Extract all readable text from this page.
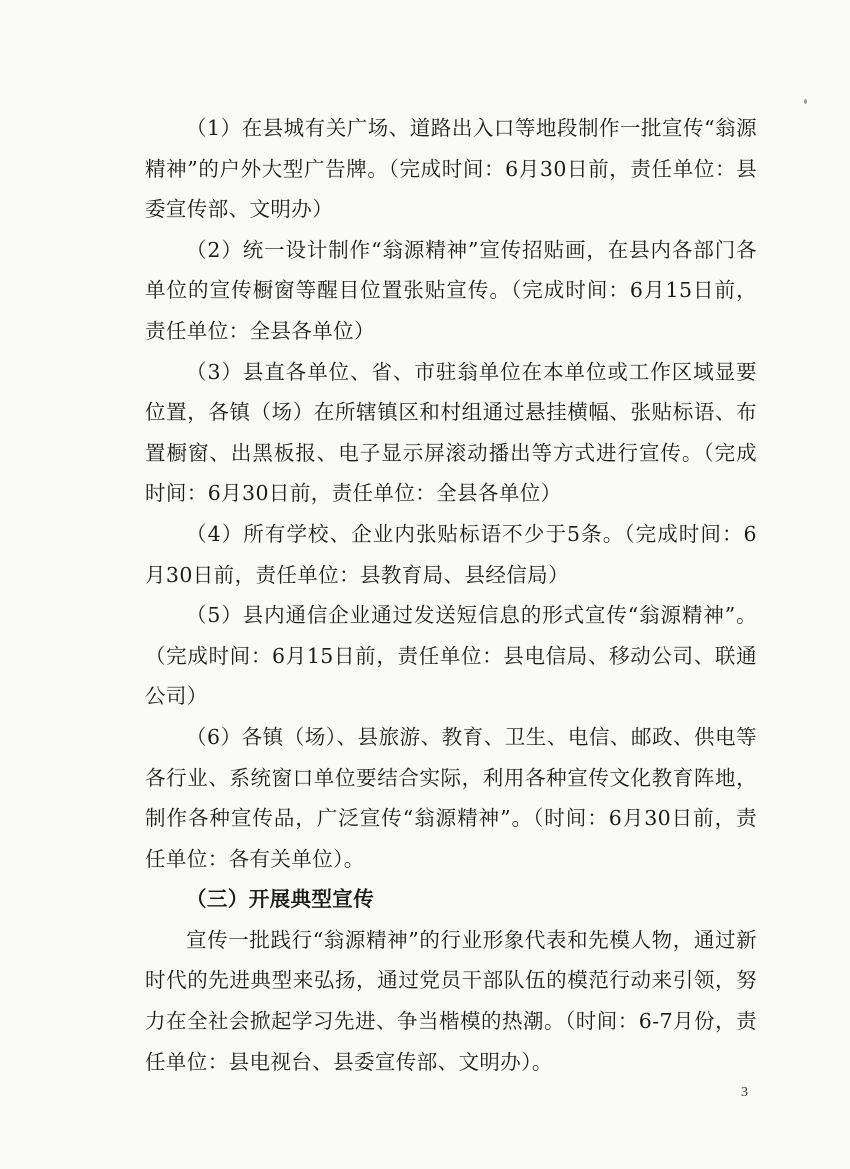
（1）在县城有关广场、道路出入口等地段制作一批宣传“翁源精神”的户外大型广告牌。（完成时间：6月30日前，责任单位：县委宣传部、文明办）

（2）统一设计制作“翁源精神”宣传招贴画，在县内各部门各单位的宣传橱窗等醒目位置张贴宣传。（完成时间：6月15日前，责任单位：全县各单位）

（3）县直各单位、省、市驻翁单位在本单位或工作区域显要位置，各镇（场）在所辖镇区和村组通过悬挂横幅、张贴标语、布置橱窗、出黑板报、电子显示屏滚动播出等方式进行宣传。（完成时间：6月30日前，责任单位：全县各单位）

（4）所有学校、企业内张贴标语不少于5条。（完成时间：6月30日前，责任单位：县教育局、县经信局）

（5）县内通信企业通过发送短信息的形式宣传“翁源精神”。（完成时间：6月15日前，责任单位：县电信局、移动公司、联通公司）

（6）各镇（场）、县旅游、教育、卫生、电信、邮政、供电等各行业、系统窗口单位要结合实际，利用各种宣传文化教育阵地，制作各种宣传品，广泛宣传“翁源精神”。（时间：6月30日前，责任单位：各有关单位）。

（三）开展典型宣传

宣传一批践行“翁源精神”的行业形象代表和先模人物，通过新时代的先进典型来弘扬，通过党员干部队伍的模范行动来引领，努力在全社会掀起学习先进、争当楷模的热潮。（时间：6-7月份，责任单位：县电视台、县委宣传部、文明办）。

3
